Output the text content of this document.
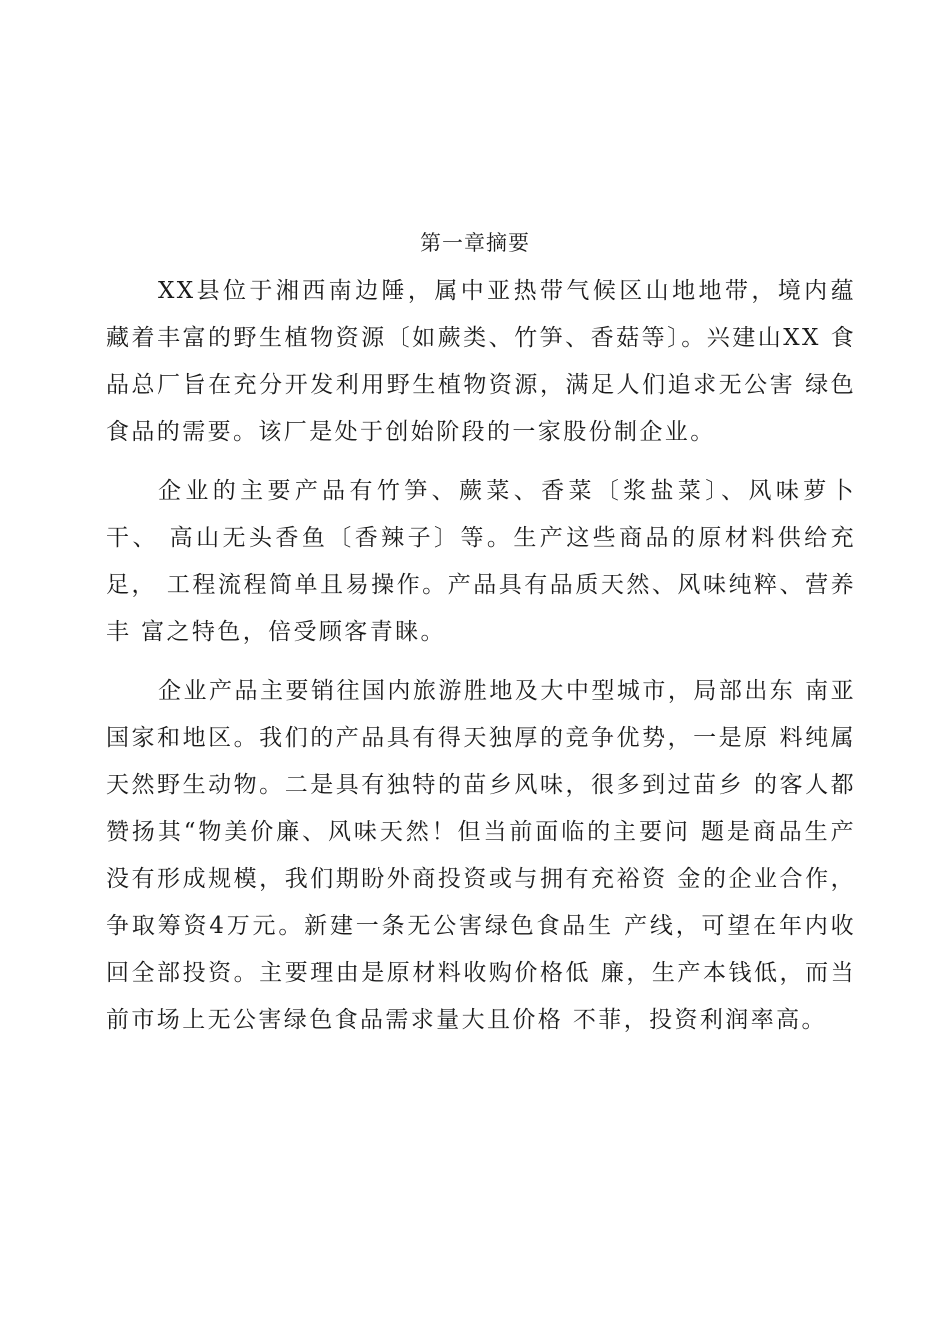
第一章摘要

XX县位于湘西南边陲，属中亚热带气候区山地地带，境内蕴 藏着丰富的野生植物资源〔如蕨类、竹笋、香菇等〕。兴建山XX 食品总厂旨在充分开发利用野生植物资源，满足人们追求无公害 绿色食品的需要。该厂是处于创始阶段的一家股份制企业。

企业的主要产品有竹笋、蕨菜、香菜〔浆盐菜〕、风味萝卜干、 高山无头香鱼〔香辣子〕等。生产这些商品的原材料供给充足， 工程流程简单且易操作。产品具有品质天然、风味纯粹、营养丰 富之特色，倍受顾客青睐。

企业产品主要销往国内旅游胜地及大中型城市，局部出东 南亚国家和地区。我们的产品具有得天独厚的竞争优势，一是原 料纯属天然野生动物。二是具有独特的苗乡风味，很多到过苗乡 的客人都赞扬其“物美价廉、风味天然！但当前面临的主要问 题是商品生产没有形成规模，我们期盼外商投资或与拥有充裕资 金的企业合作，争取筹资4万元。新建一条无公害绿色食品生 产线，可望在年内收回全部投资。主要理由是原材料收购价格低 廉，生产本钱低，而当前市场上无公害绿色食品需求量大且价格 不菲，投资利润率高。
